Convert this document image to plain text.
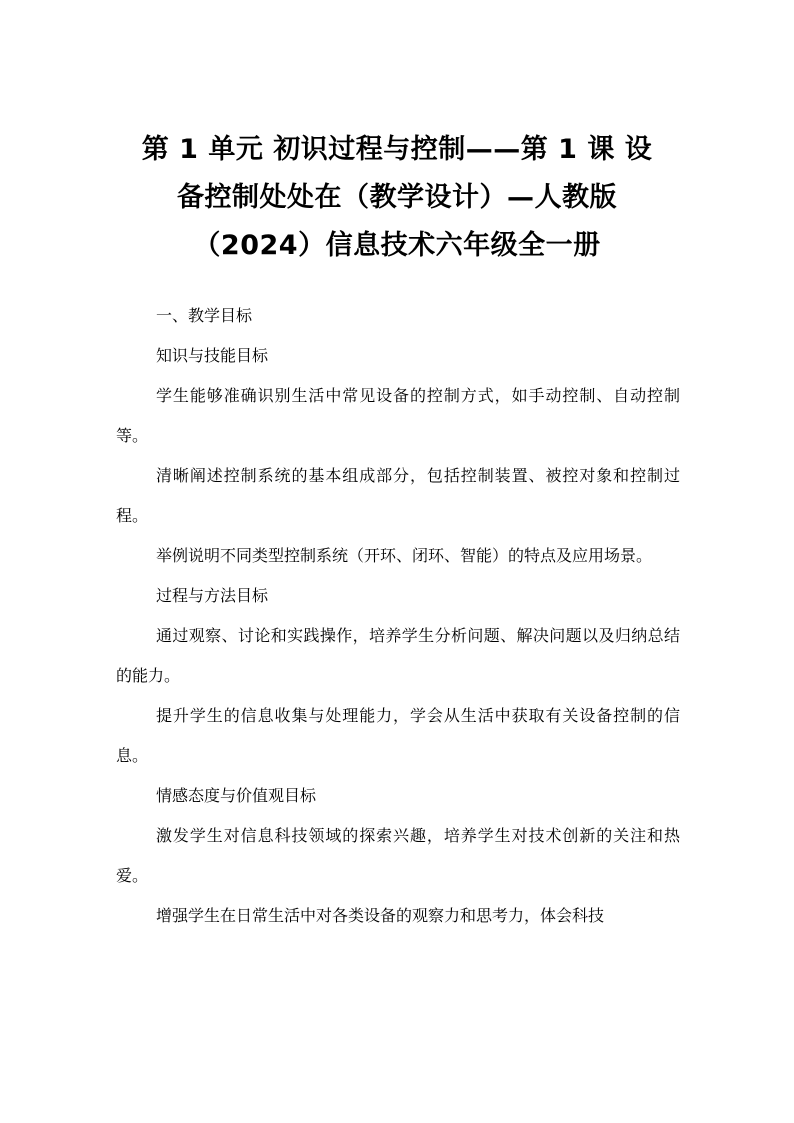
第 1 单元 初识过程与控制——第 1 课 设
备控制处处在（教学设计）—人教版
（2024）信息技术六年级全一册

一、教学目标

知识与技能目标

学生能够准确识别生活中常见设备的控制方式，如手动控制、自动控制等。

清晰阐述控制系统的基本组成部分，包括控制装置、被控对象和控制过程。

举例说明不同类型控制系统（开环、闭环、智能）的特点及应用场景。

过程与方法目标

通过观察、讨论和实践操作，培养学生分析问题、解决问题以及归纳总结的能力。

提升学生的信息收集与处理能力，学会从生活中获取有关设备控制的信息。

情感态度与价值观目标

激发学生对信息科技领域的探索兴趣，培养学生对技术创新的关注和热爱。

增强学生在日常生活中对各类设备的观察力和思考力，体会科技
